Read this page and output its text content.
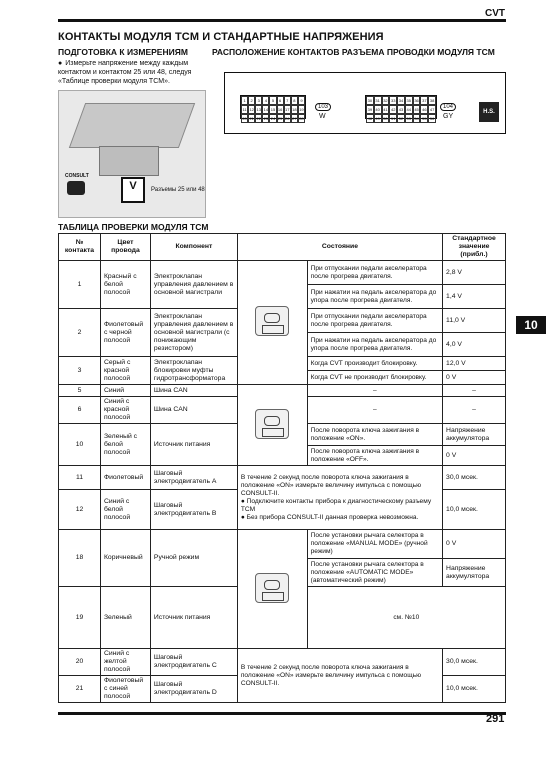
CVT
КОНТАКТЫ МОДУЛЯ TCM И СТАНДАРТНЫЕ НАПРЯЖЕНИЯ
ПОДГОТОВКА К ИЗМЕРЕНИЯМ	РАСПОЛОЖЕНИЕ КОНТАКТОВ РАЗЪЕМА ПРОВОДКИ МОДУЛЯ TCM
● Измерьте напряжение между каждым контактом и контактом 25 или 48, следуя «Таблице проверки модуля TCM».
CONSULT
V	Разъемы 25 или 48
1	2	3	4	5	6	7	8	9
11 12 13 14 15 16 17 18 19
20 21 22 23 24 25 26 27 28
103
W
30 31 32 33 34 35 36 37 38
39 40 41 42 43 44 45 46 47
48 49 50 51 52 53 54 55 56
104
GY
H.S.
10
ТАБЛИЦА ПРОВЕРКИ МОДУЛЯ TCM
№ контакта	Цвет провода	Компонент	Состояние		Стандартное значение (прибл.)
1	Красный с белой полосой	Электроклапан управления давлением в основной магистрали		При отпускании педали акселератора после прогрева двигателя.	2,8 V
				При нажатии на педаль акселератора до упора после прогрева двигателя.	1,4 V
2	Фиолетовый с черной полосой	Электроклапан управления давлением в основной магистрали (с понижающим резистором)		При отпускании педали акселератора после прогрева двигателя.	11,0 V
				При нажатии на педаль акселератора до упора после прогрева двигателя.	4,0 V
3	Серый с красной полосой	Электроклапан блокировки муфты гидротрансформатора		Когда CVT производит блокировку.	12,0 V
				Когда CVT не производит блокировку.	0 V
5	Синий	Шина CAN		–	–
6	Синий с красной полосой	Шина CAN		–	–
10	Зеленый с белой полосой	Источник питания		После поворота ключа зажигания в положение «ON».	Напряжение аккумулятора
				После поворота ключа зажигания в положение «OFF».	0 V
11	Фиолетовый	Шаговый электродвигатель A	В течение 2 секунд после поворота ключа зажигания в положение «ON» измерьте величину импульса с помощью CONSULT-II.
● Подключите контакты прибора к диагностическому разъему TCM
● Без прибора CONSULT-II данная проверка невозможна.		30,0 мсек.
12	Синий с белой полосой	Шаговый электродвигатель B			10,0 мсек.
18	Коричневый	Ручной режим		После установки рычага селектора в положение «MANUAL MODE» (ручной режим)	0 V
				После установки рычага селектора в положение «AUTOMATIC MODE» (автоматический режим)	Напряжение аккумулятора
19	Зеленый	Источник питания		см. №10	
20	Синий с желтой полосой	Шаговый электродвигатель C	В течение 2 секунд после поворота ключа зажигания в положение «ON» измерьте величину импульса с помощью CONSULT-II.		30,0 мсек.
21	Фиолетовый с синей полосой	Шаговый электродвигатель D			10,0 мсек.
291
